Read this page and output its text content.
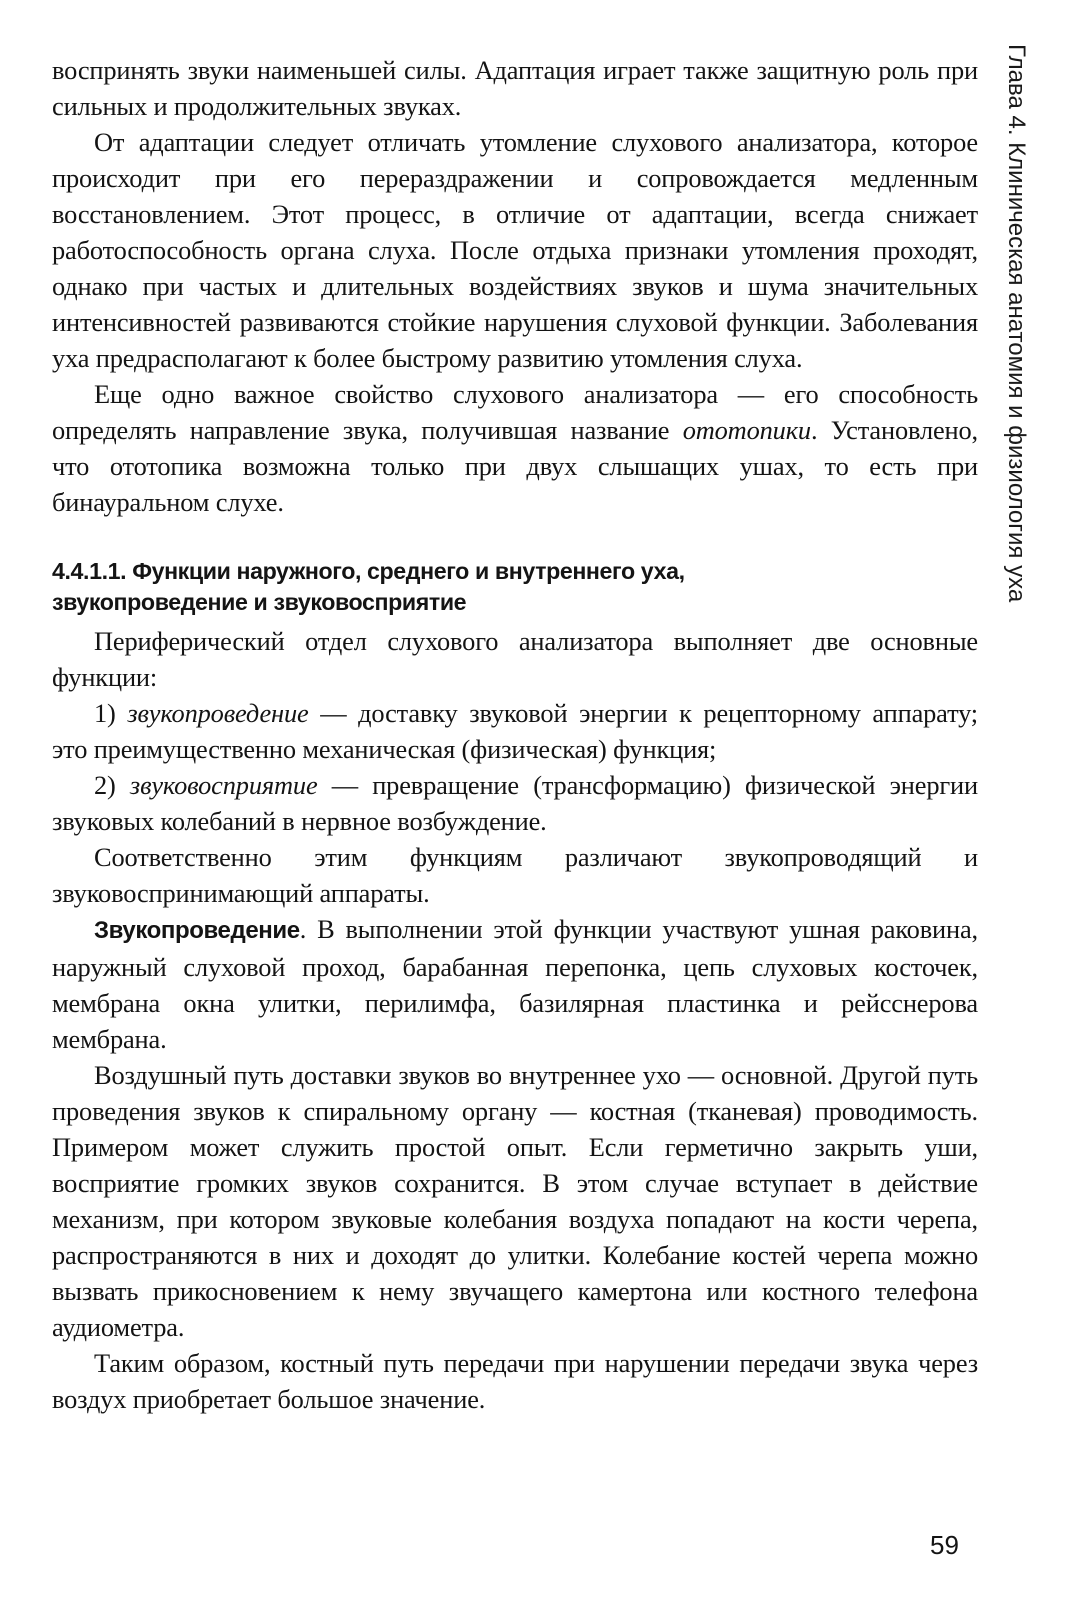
Глава 4. Клиническая анатомия и физиология уха

воспринять звуки наименьшей силы. Адаптация играет также защитную роль при сильных и продолжительных звуках.

От адаптации следует отличать утомление слухового анализатора, которое происходит при его перераздражении и сопровождается медленным восстановлением. Этот процесс, в отличие от адаптации, всегда снижает работоспособность органа слуха. После отдыха признаки утомления проходят, однако при частых и длительных воздействиях звуков и шума значительных интенсивностей развиваются стойкие нарушения слуховой функции. Заболевания уха предрасполагают к более быстрому развитию утомления слуха.

Еще одно важное свойство слухового анализатора — его способность определять направление звука, получившая название ототопики. Установлено, что ототопика возможна только при двух слышащих ушах, то есть при бинауральном слухе.

4.4.1.1. Функции наружного, среднего и внутреннего уха,
звукопроведение и звуковосприятие

Периферический отдел слухового анализатора выполняет две основные функции:

1) звукопроведение — доставку звуковой энергии к рецепторному аппарату; это преимущественно механическая (физическая) функция;

2) звуковосприятие — превращение (трансформацию) физической энергии звуковых колебаний в нервное возбуждение.

Соответственно этим функциям различают звукопроводящий и звуковоспринимающий аппараты.

Звукопроведение. В выполнении этой функции участвуют ушная раковина, наружный слуховой проход, барабанная перепонка, цепь слуховых косточек, мембрана окна улитки, перилимфа, базилярная пластинка и рейсснерова мембрана.

Воздушный путь доставки звуков во внутреннее ухо — основной. Другой путь проведения звуков к спиральному органу — костная (тканевая) проводимость. Примером может служить простой опыт. Если герметично закрыть уши, восприятие громких звуков сохранится. В этом случае вступает в действие механизм, при котором звуковые колебания воздуха попадают на кости черепа, распространяются в них и доходят до улитки. Колебание костей черепа можно вызвать прикосновением к нему звучащего камертона или костного телефона аудиометра.

Таким образом, костный путь передачи при нарушении передачи звука через воздух приобретает большое значение.

59
